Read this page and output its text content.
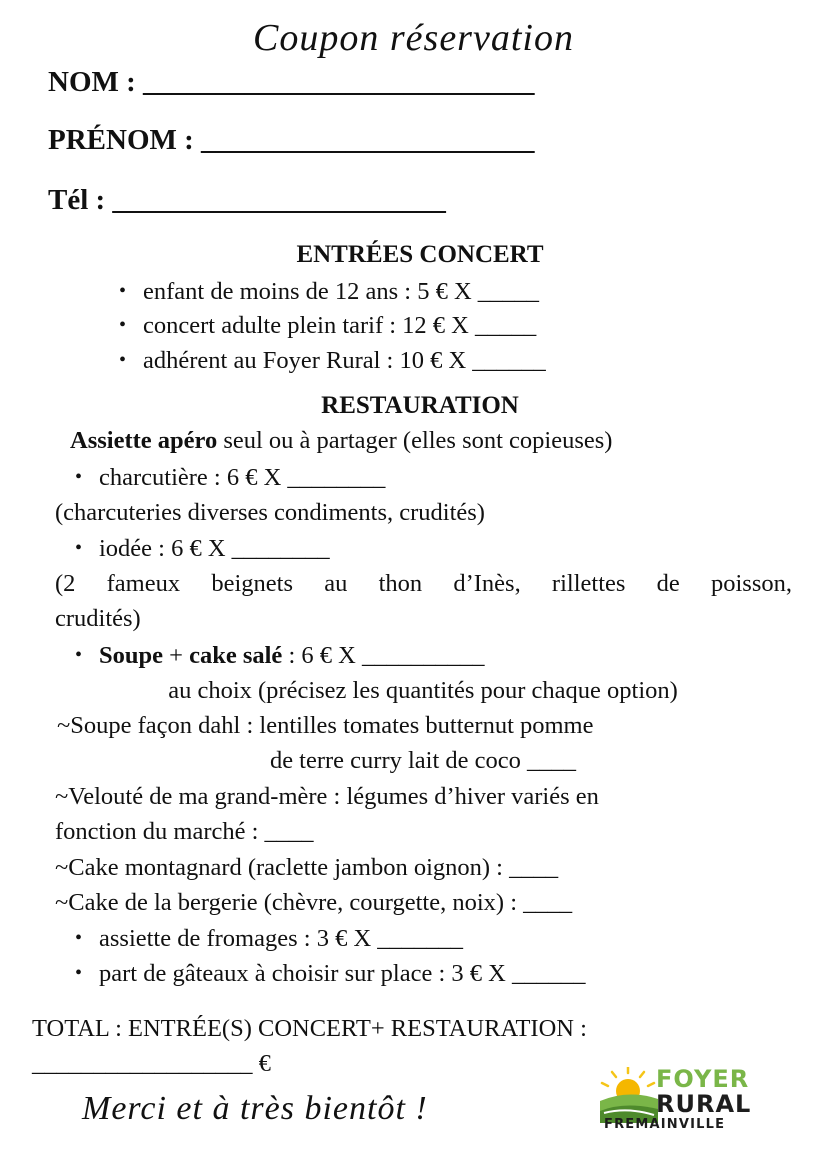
Coupon réservation
NOM : ___________________________
PRÉNOM : _______________________
Tél : _______________________
ENTRÉES CONCERT
• enfant de moins de 12 ans : 5 € X _____
• concert adulte plein tarif : 12 € X _____
• adhérent au Foyer Rural : 10 € X ______
RESTAURATION
Assiette apéro seul ou à partager (elles sont copieuses)
• charcutière : 6 € X ________
(charcuteries diverses condiments, crudités)
• iodée : 6 € X ________
(2 fameux beignets au thon d’Inès, rillettes de poisson,
crudités)
• Soupe + cake salé : 6 € X __________
au choix (précisez les quantités pour chaque option)
~Soupe façon dahl : lentilles tomates butternut pomme
de terre curry lait de coco ____
~Velouté de ma grand-mère : légumes d’hiver variés en
fonction du marché : ____
~Cake montagnard (raclette jambon oignon) : ____
~Cake de la bergerie (chèvre, courgette, noix) : ____
• assiette de fromages : 3 € X _______
• part de gâteaux à choisir sur place : 3 € X ______
TOTAL : ENTRÉE(S) CONCERT+ RESTAURATION :
__________________ €
Merci et à très bientôt !
FOYER
RURAL
FREMAINVILLE
